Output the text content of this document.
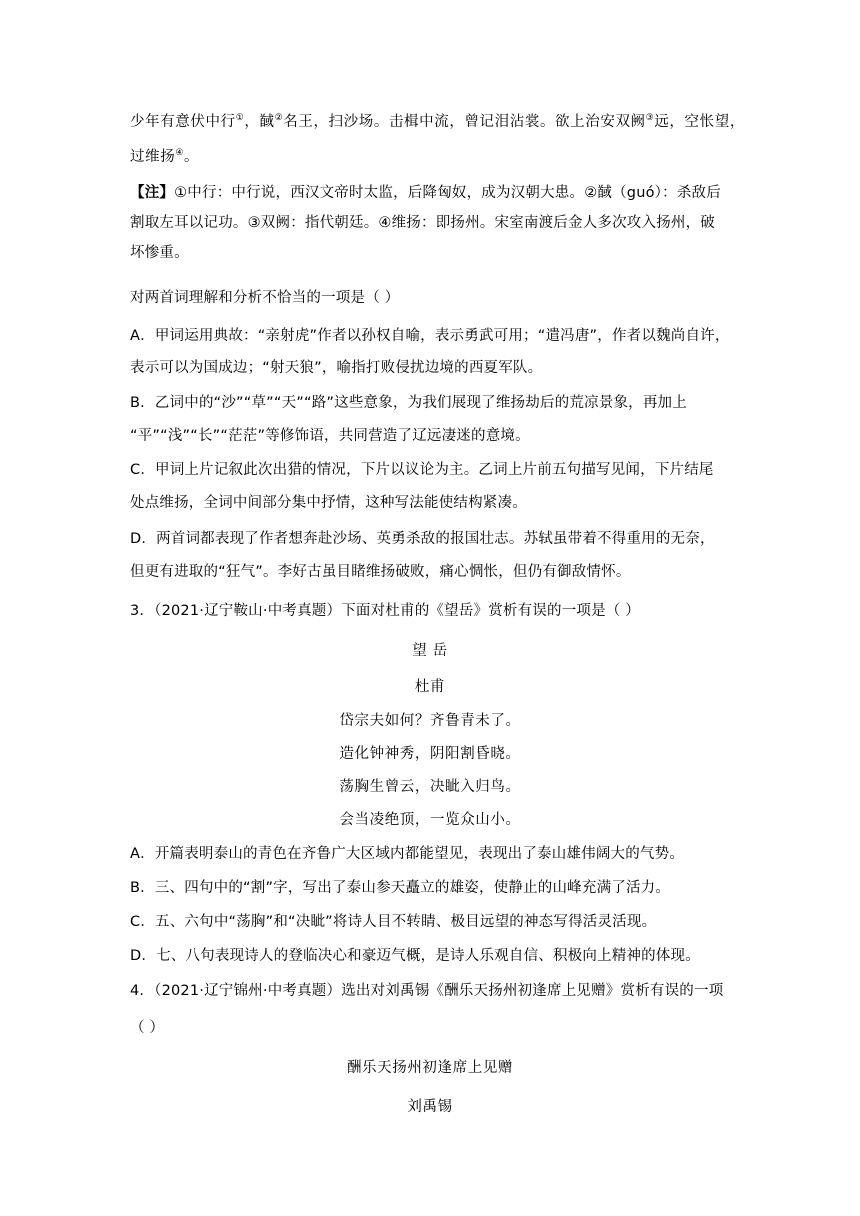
少年有意伏中行①，馘②名王，扫沙场。击楫中流，曾记泪沾裳。欲上治安双阙③远，空怅望，
过维扬④。
【注】①中行：中行说，西汉文帝时太监，后降匈奴，成为汉朝大患。②馘（guó）：杀敌后
割取左耳以记功。③双阙：指代朝廷。④维扬：即扬州。宋室南渡后金人多次攻入扬州，破
坏惨重。
对两首词理解和分析不恰当的一项是（ ）
A．甲词运用典故：“亲射虎”作者以孙权自喻，表示勇武可用；“遣冯唐”，作者以魏尚自许，
表示可以为国成边；“射天狼”，喻指打败侵扰边境的西夏军队。
B．乙词中的“沙”“草”“天”“路”这些意象，为我们展现了维扬劫后的荒凉景象，再加上
“平”“浅”“长”“茫茫”等修饰语，共同营造了辽远凄迷的意境。
C．甲词上片记叙此次出猎的情况，下片以议论为主。乙词上片前五句描写见闻，下片结尾
处点维扬，全词中间部分集中抒情，这种写法能使结构紧凑。
D．两首词都表现了作者想奔赴沙场、英勇杀敌的报国壮志。苏轼虽带着不得重用的无奈，
但更有进取的“狂气”。李好古虽目睹维扬破败，痛心惆怅，但仍有御敌情怀。
3．（2021·辽宁鞍山·中考真题）下面对杜甫的《望岳》赏析有误的一项是（ ）
望 岳
杜甫
岱宗夫如何？齐鲁青未了。
造化钟神秀，阴阳割昏晓。
荡胸生曾云，决眦入归鸟。
会当凌绝顶，一览众山小。
A．开篇表明泰山的青色在齐鲁广大区域内都能望见，表现出了泰山雄伟阔大的气势。
B．三、四句中的“割”字，写出了泰山参天矗立的雄姿，使静止的山峰充满了活力。
C．五、六句中“荡胸”和“决眦”将诗人目不转睛、极目远望的神态写得活灵活现。
D．七、八句表现诗人的登临决心和豪迈气概，是诗人乐观自信、积极向上精神的体现。
4．（2021·辽宁锦州·中考真题）选出对刘禹锡《酬乐天扬州初逢席上见赠》赏析有误的一项
（ ）
酬乐天扬州初逢席上见赠
刘禹锡
